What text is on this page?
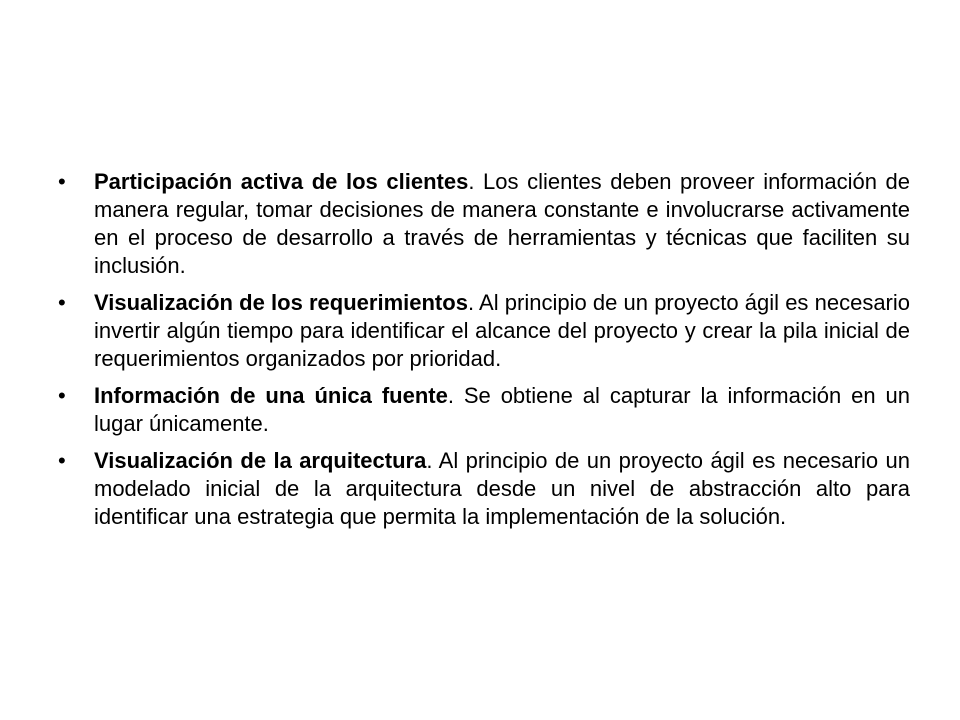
• Participación activa de los clientes. Los clientes deben proveer información de manera regular, tomar decisiones de manera constante e involucrarse activamente en el proceso de desarrollo a través de herramientas y técnicas que faciliten su inclusión.
• Visualización de los requerimientos. Al principio de un proyecto ágil es necesario invertir algún tiempo para identificar el alcance del proyecto y crear la pila inicial de requerimientos organizados por prioridad.
• Información de una única fuente. Se obtiene al capturar la información en un lugar únicamente.
• Visualización de la arquitectura. Al principio de un proyecto ágil es necesario un modelado inicial de la arquitectura desde un nivel de abstracción alto para identificar una estrategia que permita la implementación de la solución.
